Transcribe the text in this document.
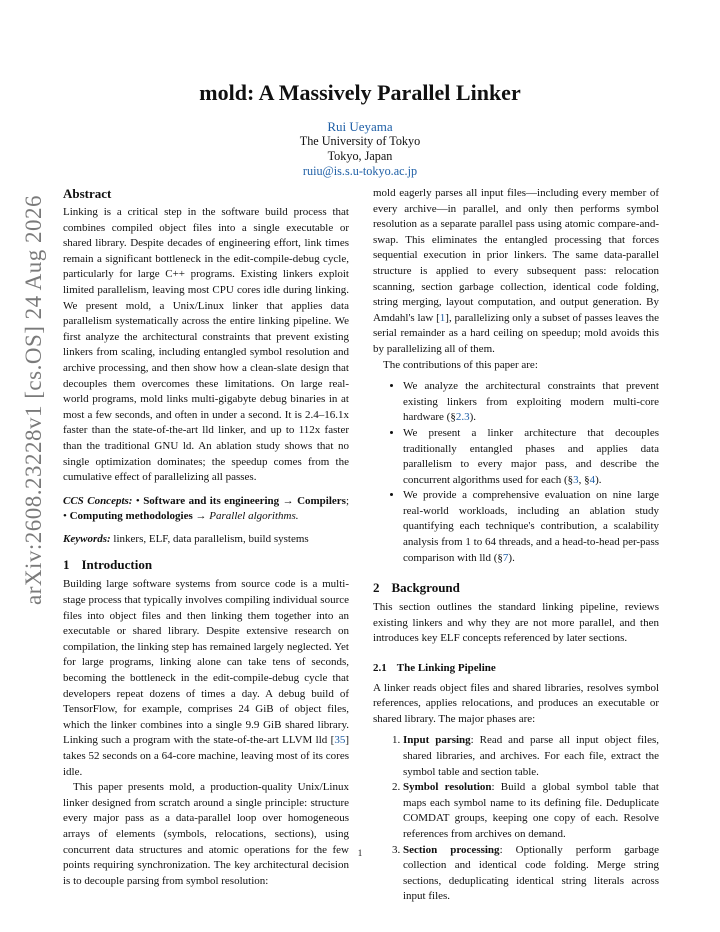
arXiv:2608.23228v1 [cs.OS] 24 Aug 2026
mold: A Massively Parallel Linker
Rui Ueyama
The University of Tokyo
Tokyo, Japan
ruiu@is.s.u-tokyo.ac.jp
Abstract

Linking is a critical step in the software build process that combines compiled object files into a single executable or shared library. Despite decades of engineering effort, link times remain a significant bottleneck in the edit-compile-debug cycle, particularly for large C++ programs. Existing linkers exploit limited parallelism, leaving most CPU cores idle during linking. We present mold, a Unix/Linux linker that applies data parallelism systematically across the entire linking pipeline. We first analyze the architectural constraints that prevent existing linkers from scaling, including entangled symbol resolution and archive processing, and then show how a clean-slate design that decouples them overcomes these limitations. On large real-world programs, mold links multi-gigabyte debug binaries in at most a few seconds, and often in under a second. It is 2.4–16.1x faster than the state-of-the-art lld linker, and up to 112x faster than the traditional GNU ld. An ablation study shows that no single optimization dominates; the speedup comes from the cumulative effect of parallelizing all passes.

CCS Concepts: • Software and its engineering → Compilers; • Computing methodologies → Parallel algorithms.

Keywords: linkers, ELF, data parallelism, build systems

1 Introduction

Building large software systems from source code is a multi-stage process that typically involves compiling individual source files into object files and then linking them together into an executable or shared library. Despite extensive research on compilation, the linking step has remained largely neglected. Yet for large programs, linking alone can take tens of seconds, becoming the bottleneck in the edit-compile-debug cycle that developers repeat dozens of times a day. A debug build of TensorFlow, for example, comprises 24 GiB of object files, which the linker combines into a single 9.9 GiB shared library. Linking such a program with the state-of-the-art LLVM lld [35] takes 52 seconds on a 64-core machine, leaving most of its cores idle.

This paper presents mold, a production-quality Unix/Linux linker designed from scratch around a single principle: structure every major pass as a data-parallel loop over homogeneous arrays of elements (symbols, relocations, sections), using concurrent data structures and atomic operations for the few points requiring synchronization. The key architectural decision is to decouple parsing from symbol resolution:

mold eagerly parses all input files—including every member of every archive—in parallel, and only then performs symbol resolution as a separate parallel pass using atomic compare-and-swap. This eliminates the entangled processing that forces sequential execution in prior linkers. The same data-parallel structure is applied to every subsequent pass: relocation scanning, section garbage collection, identical code folding, string merging, layout computation, and output generation. By Amdahl's law [1], parallelizing only a subset of passes leaves the serial remainder as a hard ceiling on speedup; mold avoids this by parallelizing all of them.

The contributions of this paper are:

• We analyze the architectural constraints that prevent existing linkers from exploiting modern multi-core hardware (§2.3).
• We present a linker architecture that decouples traditionally entangled phases and applies data parallelism to every major pass, and describe the concurrent algorithms used for each (§3, §4).
• We provide a comprehensive evaluation on nine large real-world workloads, including an ablation study quantifying each technique's contribution, a scalability analysis from 1 to 64 threads, and a head-to-head per-pass comparison with lld (§7).
2 Background

This section outlines the standard linking pipeline, reviews existing linkers and why they are not more parallel, and then introduces key ELF concepts referenced by later sections.

2.1 The Linking Pipeline

A linker reads object files and shared libraries, resolves symbol references, applies relocations, and produces an executable or shared library. The major phases are:

1. Input parsing: Read and parse all input object files, shared libraries, and archives. For each file, extract the symbol table and section table.
2. Symbol resolution: Build a global symbol table that maps each symbol name to its defining file. Deduplicate COMDAT groups, keeping one copy of each. Resolve references from archives on demand.
3. Section processing: Optionally perform garbage collection and identical code folding. Merge string sections, deduplicating identical string literals across input files.
1
